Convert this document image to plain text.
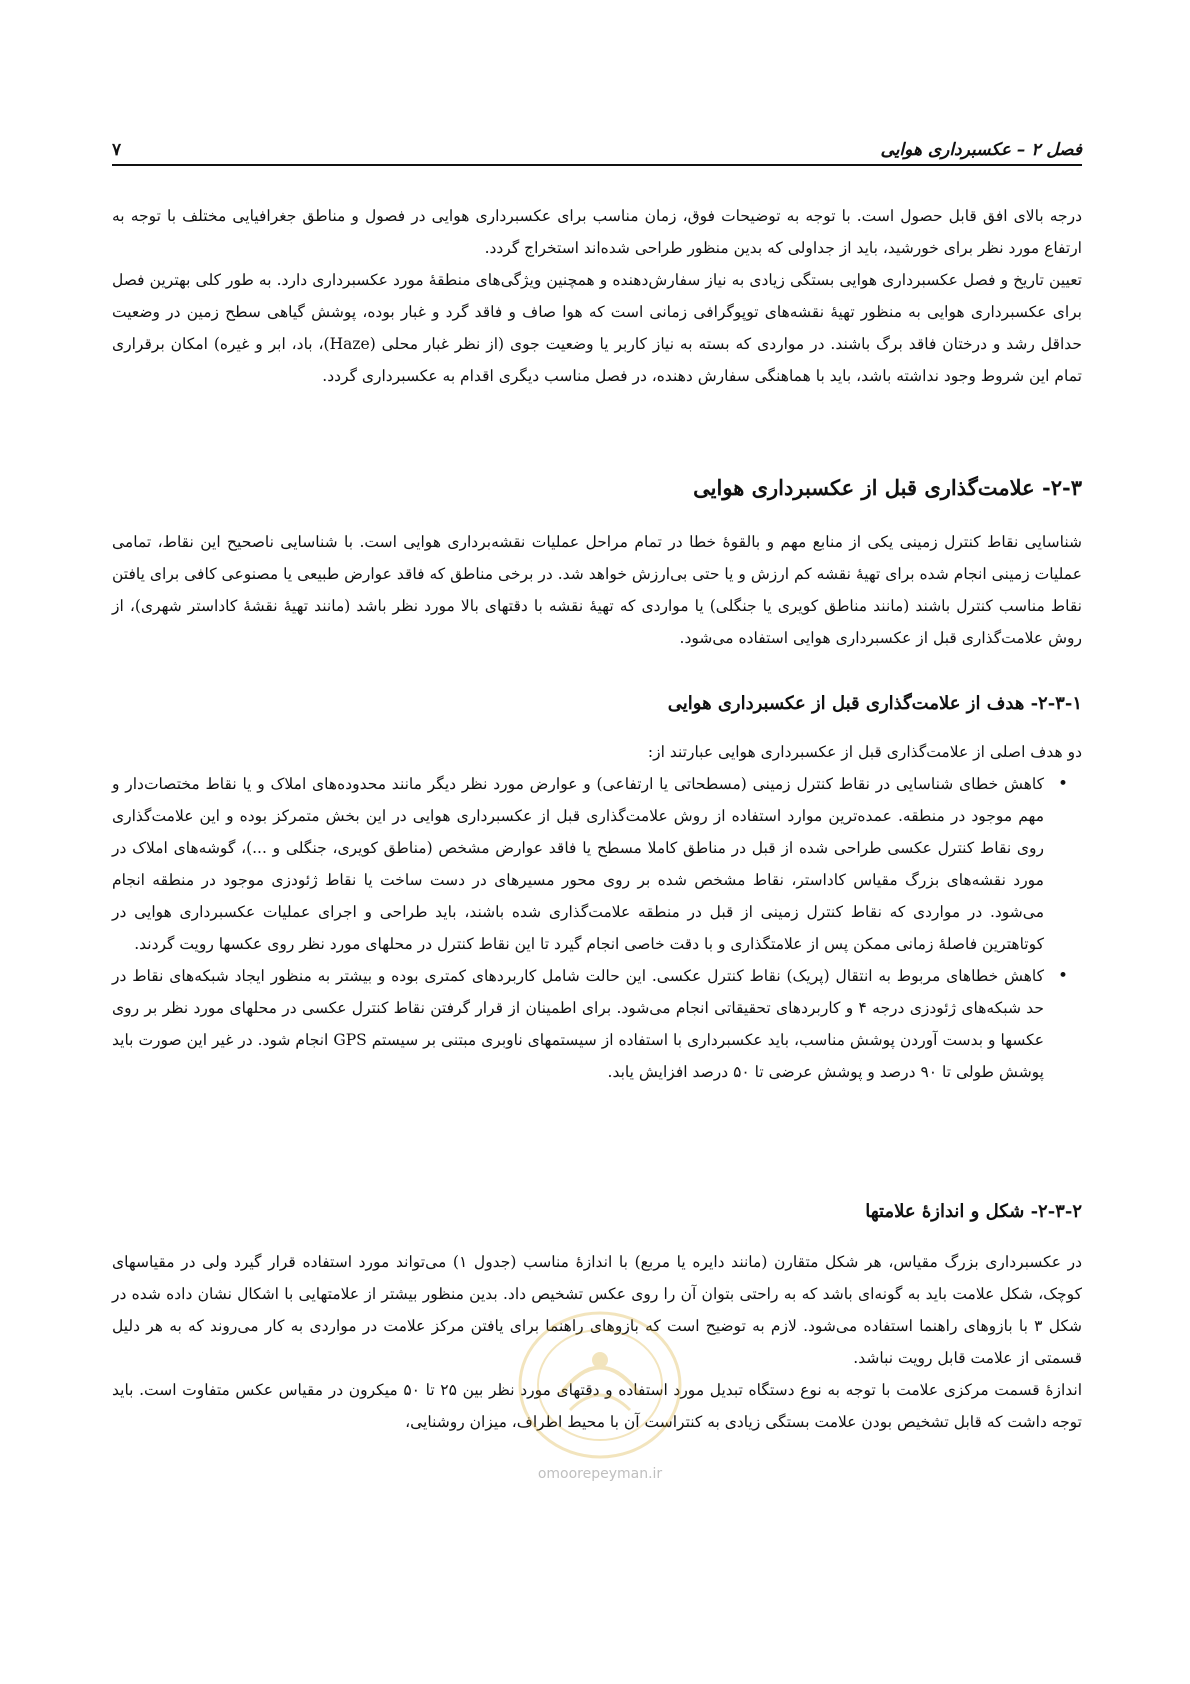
فصل ۲ – عکسبرداری هوایی
۷

درجه بالای افق قابل حصول است. با توجه به توضیحات فوق، زمان مناسب برای عکسبرداری هوایی در فصول و مناطق جغرافیایی مختلف با توجه به ارتفاع مورد نظر برای خورشید، باید از جداولی که بدین منظور طراحی شده‌اند استخراج گردد.

تعیین تاریخ و فصل عکسبرداری هوایی بستگی زیادی به نیاز سفارش‌دهنده و همچنین ویژگی‌های منطقهٔ مورد عکسبرداری دارد. به طور کلی بهترین فصل برای عکسبرداری هوایی به منظور تهیهٔ نقشه‌های توپوگرافی زمانی است که هوا صاف و فاقد گرد و غبار بوده، پوشش گیاهی سطح زمین در وضعیت حداقل رشد و درختان فاقد برگ باشند. در مواردی که بسته به نیاز کاربر یا وضعیت جوی (از نظر غبار محلی (Haze)، باد، ابر و غیره) امکان برقراری تمام این شروط وجود نداشته باشد، باید با هماهنگی سفارش دهنده، در فصل مناسب دیگری اقدام به عکسبرداری گردد.

۲-۳- علامت‌گذاری قبل از عکسبرداری هوایی

شناسایی نقاط کنترل زمینی یکی از منابع مهم و بالقوهٔ خطا در تمام مراحل عملیات نقشه‌برداری هوایی است. با شناسایی ناصحیح این نقاط، تمامی عملیات زمینی انجام شده برای تهیهٔ نقشه کم ارزش و یا حتی بی‌ارزش خواهد شد. در برخی مناطق که فاقد عوارض طبیعی یا مصنوعی کافی برای یافتن نقاط مناسب کنترل باشند (مانند مناطق کویری یا جنگلی) یا مواردی که تهیهٔ نقشه با دقتهای بالا مورد نظر باشد (مانند تهیهٔ نقشهٔ کاداستر شهری)، از روش علامت‌گذاری قبل از عکسبرداری هوایی استفاده می‌شود.

۲-۳-۱- هدف از علامت‌گذاری قبل از عکسبرداری هوایی

دو هدف اصلی از علامت‌گذاری قبل از عکسبرداری هوایی عبارتند از:

• کاهش خطای شناسایی در نقاط کنترل زمینی (مسطحاتی یا ارتفاعی) و عوارض مورد نظر دیگر مانند محدوده‌های املاک و یا نقاط مختصات‌دار و مهم موجود در منطقه. عمده‌ترین موارد استفاده از روش علامت‌گذاری قبل از عکسبرداری هوایی در این بخش متمرکز بوده و این علامت‌گذاری روی نقاط کنترل عکسی طراحی شده از قبل در مناطق کاملا مسطح یا فاقد عوارض مشخص (مناطق کویری، جنگلی و ...)، گوشه‌های املاک در مورد نقشه‌های بزرگ مقیاس کاداستر، نقاط مشخص شده بر روی محور مسیرهای در دست ساخت یا نقاط ژئودزی موجود در منطقه انجام می‌شود. در مواردی که نقاط کنترل زمینی از قبل در منطقه علامت‌گذاری شده باشند، باید طراحی و اجرای عملیات عکسبرداری هوایی در کوتاهترین فاصلهٔ زمانی ممکن پس از علامتگذاری و با دقت خاصی انجام گیرد تا این نقاط کنترل در محلهای مورد نظر روی عکسها رویت گردند.
• کاهش خطاهای مربوط به انتقال (پریک) نقاط کنترل عکسی. این حالت شامل کاربردهای کمتری بوده و بیشتر به منظور ایجاد شبکه‌های نقاط در حد شبکه‌های ژئودزی درجه ۴ و کاربردهای تحقیقاتی انجام می‌شود. برای اطمینان از قرار گرفتن نقاط کنترل عکسی در محلهای مورد نظر بر روی عکسها و بدست آوردن پوشش مناسب، باید عکسبرداری با استفاده از سیستمهای ناوبری مبتنی بر سیستم GPS انجام شود. در غیر این صورت باید پوشش طولی تا ۹۰ درصد و پوشش عرضی تا ۵۰ درصد افزایش یابد.
۲-۳-۲- شکل و اندازهٔ علامتها

در عکسبرداری بزرگ مقیاس، هر شکل متقارن (مانند دایره یا مربع) با اندازهٔ مناسب (جدول ۱) می‌تواند مورد استفاده قرار گیرد ولی در مقیاسهای کوچک، شکل علامت باید به گونه‌ای باشد که به راحتی بتوان آن را روی عکس تشخیص داد. بدین منظور بیشتر از علامتهایی با اشکال نشان داده شده در شکل ۳ با بازوهای راهنما استفاده می‌شود. لازم به توضیح است که بازوهای راهنما برای یافتن مرکز علامت در مواردی به کار می‌روند که به هر دلیل قسمتی از علامت قابل رویت نباشد.

اندازهٔ قسمت مرکزی علامت با توجه به نوع دستگاه تبدیل مورد استفاده و دقتهای مورد نظر بین ۲۵ تا ۵۰ میکرون در مقیاس عکس متفاوت است. باید توجه داشت که قابل تشخیص بودن علامت بستگی زیادی به کنتراست آن با محیط اطراف، میزان روشنایی،

omoorepeyman.ir
